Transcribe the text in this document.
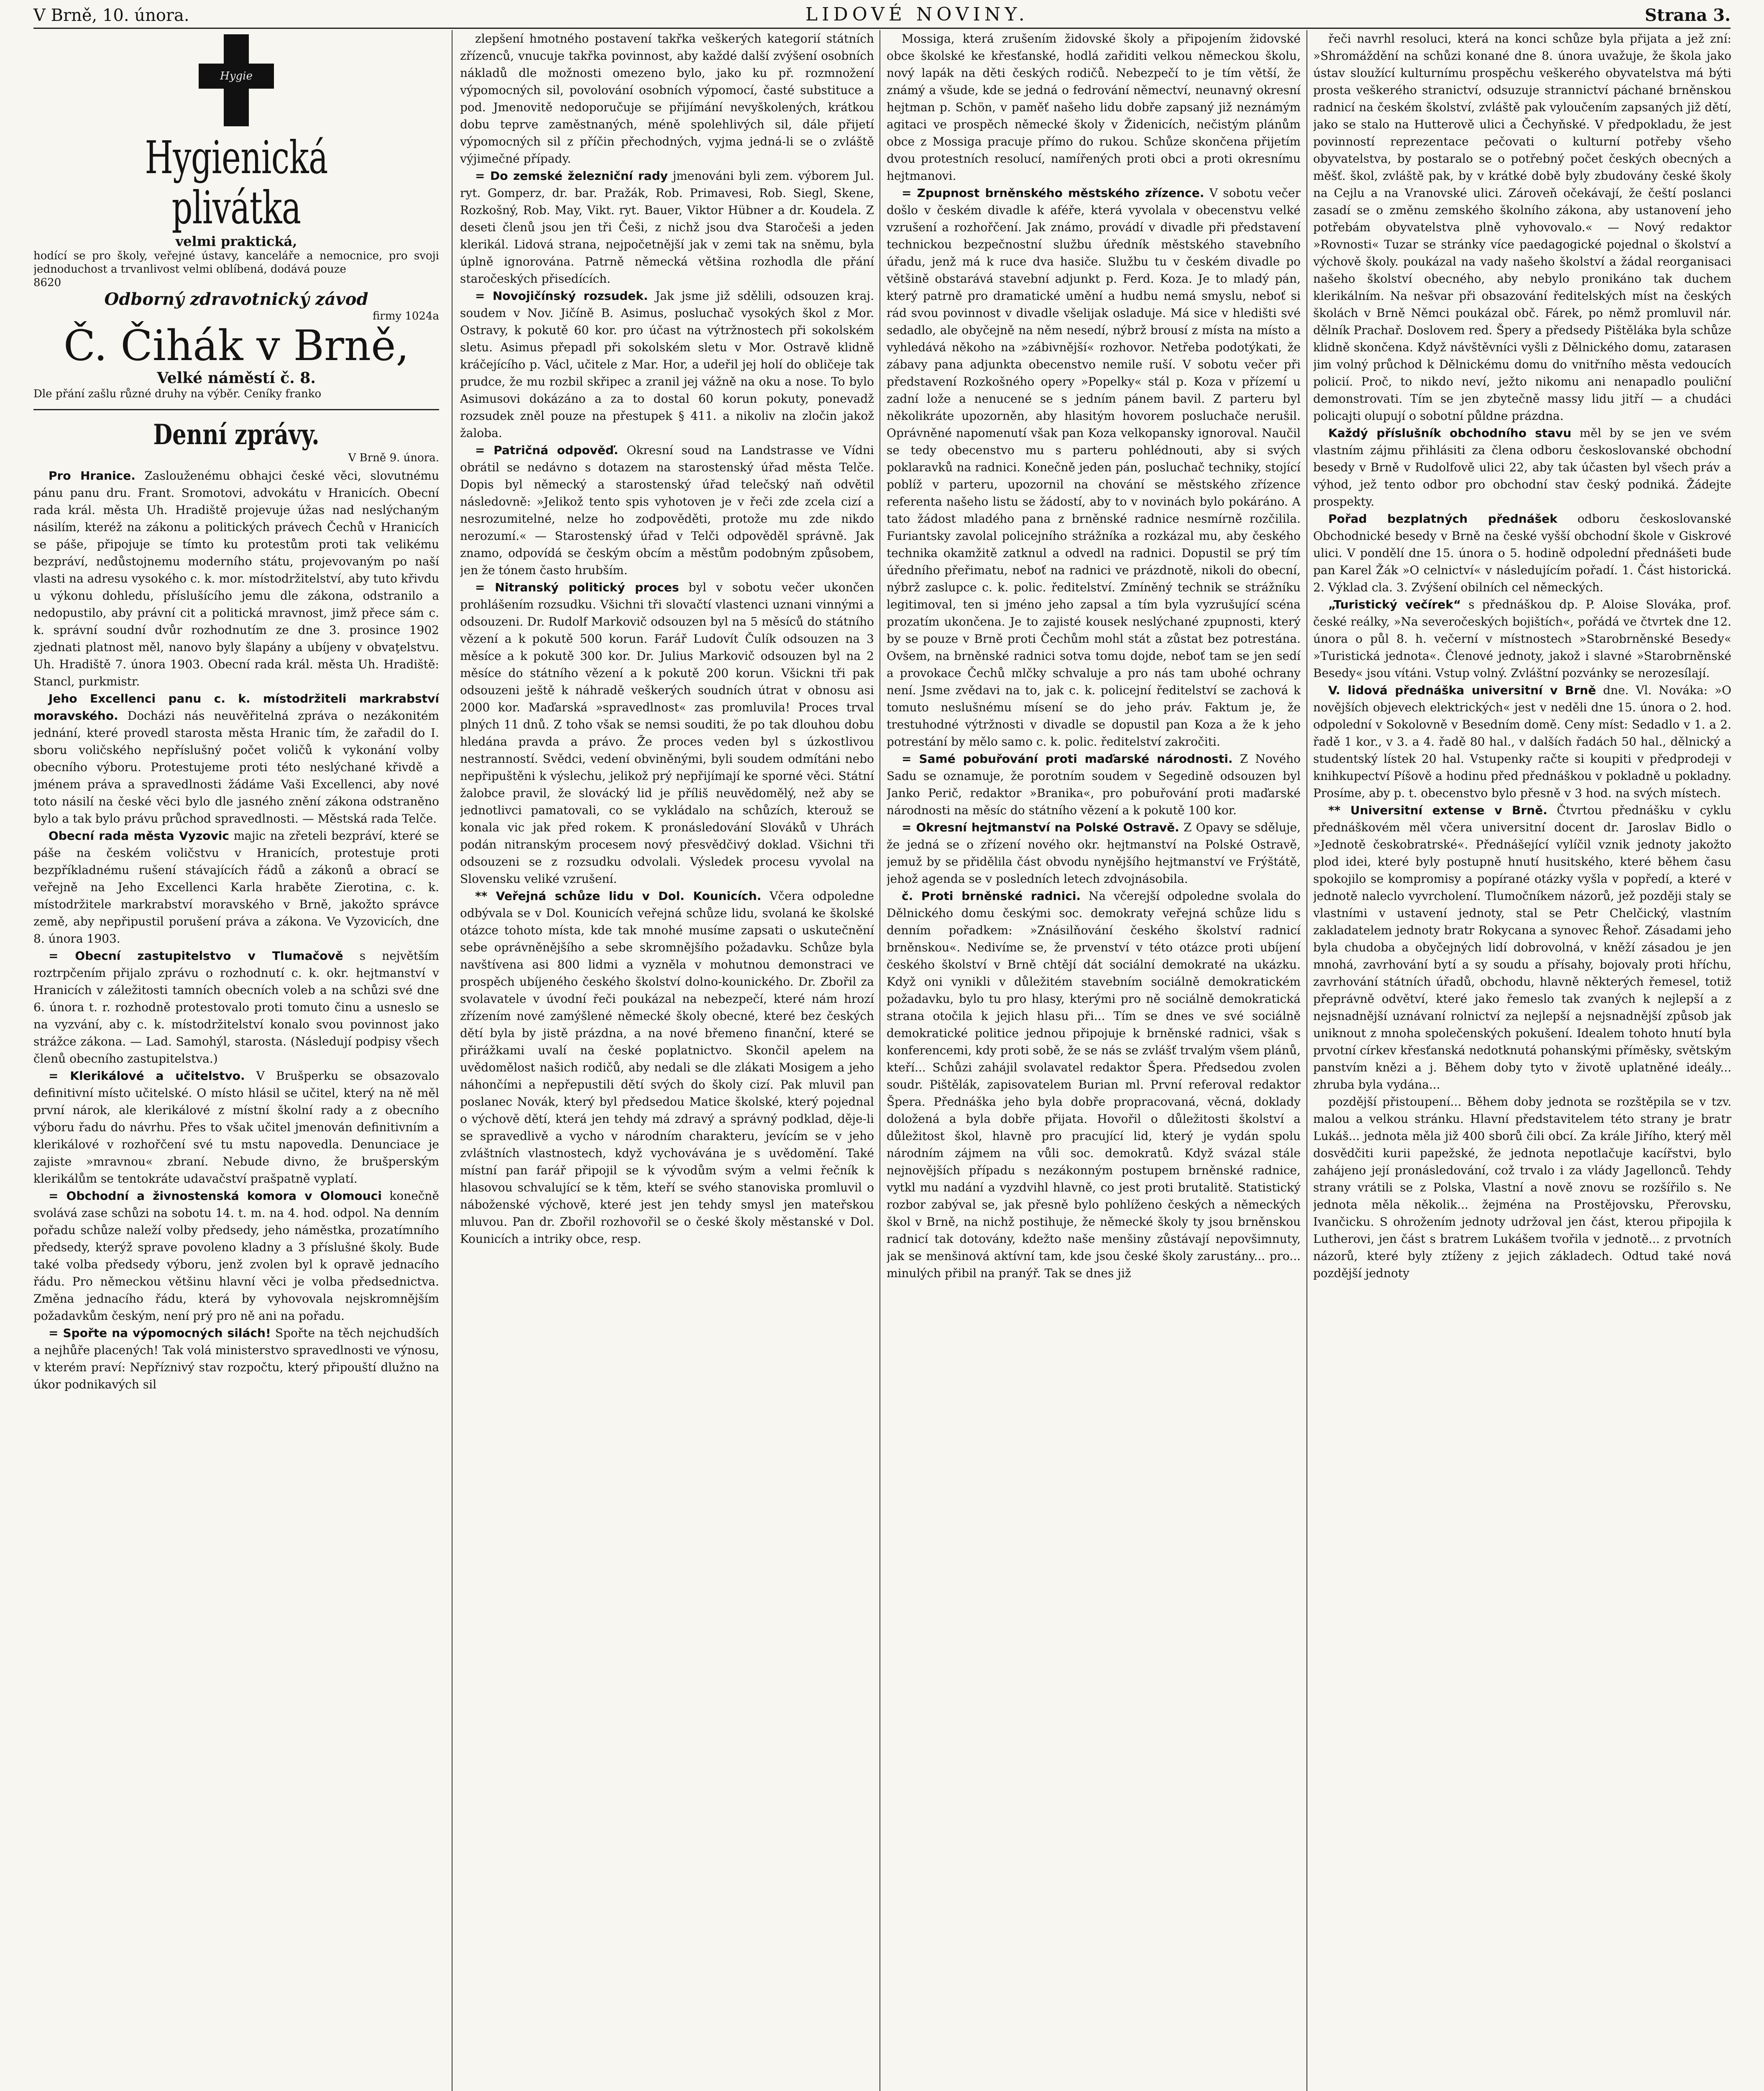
V Brně, 10. února.	LIDOVÉ NOVINY.	Strana 3.
Hygie
Hygienická plivátka
velmi praktická,
hodící se pro školy, veřejné ústavy, kanceláře a nemocnice, pro svoji jednoduchost a trvanlivost velmi oblíbená, dodává pouze
8620
Odborný zdravotnický závod
firmy 1024a
Č. Čihák v Brně,
Velké náměstí č. 8.
Dle přání zašlu různé druhy na výběr. Ceníky franko
Denní zprávy.
V Brně 9. února.

Pro Hranice. Zaslouženému obhajci české věci, slovutnému pánu panu dru. Frant. Sromotovi, advokátu v Hranicích. Obecní rada král. města Uh. Hradiště projevuje úžas nad neslýchaným násilím, kteréž na zákonu a politických právech Čechů v Hranicích se páše, připojuje se tímto ku protestům proti tak velikému bezpráví, nedůstojnemu moderního státu, projevovaným po naší vlasti na adresu vysokého c. k. mor. místodržitelství, aby tuto křivdu u výkonu dohledu, příslušícího jemu dle zákona, odstranilo a nedopustilo, aby právní cit a politická mravnost, jimž přece sám c. k. správní soudní dvůr rozhodnutím ze dne 3. prosince 1902 zjednati platnost měl, nanovo byly šlapány a ubíjeny v obvaţelstvu. Uh. Hradiště 7. února 1903. Obecní rada král. města Uh. Hradiště: Stancl, purkmistr.

Jeho Excellenci panu c. k. místodržiteli markrabství moravského. Docházi nás neuvěřitelná zpráva o nezákonitém jednání, které provedl starosta města Hranic tím, že zařadil do I. sboru voličského nepříslušný počet voličů k vykonání volby obecního výboru. Protestujeme proti této neslýchané křivdě a jménem práva a spravedlnosti žádáme Vaši Excellenci, aby nové toto násilí na české věci bylo dle jasného znění zákona odstraněno bylo a tak bylo právu průchod spravedlnosti. — Městská rada Telče.

Obecní rada města Vyzovic majic na zřeteli bezpráví, které se páše na českém voličstvu v Hranicích, protestuje proti bezpříkladnému rušení stávajících řádů a zákonů a obrací se veřejně na Jeho Excellenci Karla hraběte Zierotina, c. k. místodržitele markrabství moravského v Brně, jakožto správce země, aby nepřipustil porušení práva a zákona. Ve Vyzovicích, dne 8. února 1903.

= Obecní zastupitelstvo v Tlumačově s největším roztrpčením přijalo zprávu o rozhodnutí c. k. okr. hejtmanství v Hranicích v záležitosti tamních obecních voleb a na schůzi své dne 6. února t. r. rozhodně protestovalo proti tomuto činu a usneslo se na vyzvání, aby c. k. místodržitelství konalo svou povinnost jako strážce zákona. — Lad. Samohýl, starosta. (Následují podpisy všech členů obecního zastupitelstva.)

= Klerikálové a učitelstvo. V Brušperku se obsazovalo definitivní místo učitelské. O místo hlásil se učitel, který na ně měl první nárok, ale klerikálové z místní školní rady a z obecního výboru řadu do návrhu. Přes to však učitel jmenován definitivním a klerikálové v rozhořčení své tu mstu napovedla. Denunciace je zajiste »mravnou« zbraní. Nebude divno, že brušperským klerikálům se tentokráte udavačství prašpatně vyplatí.

= Obchodní a živnostenská komora v Olomouci konečně svolává zase schůzi na sobotu 14. t. m. na 4. hod. odpol. Na denním pořadu schůze naleží volby předsedy, jeho náměstka, prozatímního předsedy, kterýž sprave povoleno kladny a 3 příslušné školy. Bude také volba předsedy výboru, jenž zvolen byl k opravě jednacího řádu. Pro německou většinu hlavní věci je volba předsednictva. Změna jednacího řádu, která by vyhovovala nejskromnějším požadavkům českým, není prý pro ně ani na pořadu.

= Spořte na výpomocných silách! Spořte na těch nejchudších a nejhůře placených! Tak volá ministerstvo spravedlnosti ve výnosu, v kterém praví: Nepříznivý stav rozpočtu, který připouští dlužno na úkor podnikavých sil

zlepšení hmotného postavení takřka veškerých kategorií státních zřízenců, vnucuje takřka povinnost, aby každé další zvýšení osobních nákladů dle možnosti omezeno bylo, jako ku př. rozmnožení výpomocných sil, povolování osobních výpomocí, časté substituce a pod. Jmenovitě nedoporučuje se přijímání nevyškolených, krátkou dobu teprve zaměstnaných, méně spolehlivých sil, dále přijetí výpomocných sil z příčin přechodných, vyjma jedná-li se o zvláště výjimečné případy.

= Do zemské železniční rady jmenováni byli zem. výborem Jul. ryt. Gomperz, dr. bar. Pražák, Rob. Primavesi, Rob. Siegl, Skene, Rozkošný, Rob. May, Vikt. ryt. Bauer, Viktor Hübner a dr. Koudela. Z deseti členů jsou jen tři Češi, z nichž jsou dva Staročeši a jeden klerikál. Lidová strana, nejpočetnější jak v zemi tak na sněmu, byla úplně ignorována. Patrně německá většina rozhodla dle přání staročeských přisedících.

= Novojičínský rozsudek. Jak jsme již sdělili, odsouzen kraj. soudem v Nov. Jičíně B. Asimus, posluchač vysokých škol z Mor. Ostravy, k pokutě 60 kor. pro účast na výtržnostech při sokolském sletu. Asimus přepadl při sokolském sletu v Mor. Ostravě klidně kráčejícího p. Václ, učitele z Mar. Hor, a udeřil jej holí do obličeje tak prudce, že mu rozbil skřipec a zranil jej vážně na oku a nose. To bylo Asimusovi dokázáno a za to dostal 60 korun pokuty, ponevadž rozsudek zněl pouze na přestupek § 411. a nikoliv na zločin jakož žaloba.

= Patričná odpověď. Okresní soud na Landstrasse ve Vídni obrátil se nedávno s dotazem na starostenský úřad města Telče. Dopis byl německý a starostenský úřad telečský naň odvětil následovně: »Jelikož tento spis vyhotoven je v řeči zde zcela cizí a nesrozumitelné, nelze ho zodpověděti, protože mu zde nikdo nerozumí.« — Starostenský úřad v Telči odpověděl správně. Jak znamo, odpovídá se českým obcím a městům podobným způsobem, jen že tónem často hrubším.

= Nitranský politický proces byl v sobotu večer ukončen prohlášením rozsudku. Všichni tři slovačtí vlastenci uznani vinnými a odsouzeni. Dr. Rudolf Markovič odsouzen byl na 5 měsíců do státního vězení a k pokutě 500 korun. Farář Ludovít Čulík odsouzen na 3 měsíce a k pokutě 300 kor. Dr. Julius Markovič odsouzen byl na 2 měsíce do státního vězení a k pokutě 200 korun. Všickni tři pak odsouzeni ještě k náhradě veškerých soudních útrat v obnosu asi 2000 kor. Maďarská »spravedlnost« zas promluvila! Proces trval plných 11 dnů. Z toho však se nemsi souditi, že po tak dlouhou dobu hledána pravda a právo. Že proces veden byl s úzkostlivou nestranností. Svědci, vedení obviněnými, byli soudem odmítáni nebo nepřipuštěni k výslechu, jelikož prý nepřijímají ke sporné věci. Státní žalobce pravil, že slovácký lid je příliš neuvědomělý, než aby se jednotlivci pamatovali, co se vykládalo na schůzích, kterouž se konala vic jak před rokem. K pronásledování Slováků v Uhrách podán nitranským procesem nový přesvědčivý doklad. Všichni tři odsouzeni se z rozsudku odvolali. Výsledek procesu vyvolal na Slovensku veliké vzrušení.

** Veřejná schůze lidu v Dol. Kounicích. Včera odpoledne odbývala se v Dol. Kounicích veřejná schůze lidu, svolaná ke školské otázce tohoto místa, kde tak mnohé musíme zapsati o uskutečnění sebe oprávněnějšího a sebe skromnějšího požadavku. Schůze byla navštívena asi 800 lidmi a vyzněla v mohutnou demonstraci ve prospěch ubíjeného českého školství dolno-kounického. Dr. Zbořil za svolavatele v úvodní řeči poukázal na nebezpečí, které nám hrozí zřízením nové zamýšlené německé školy obecné, které bez českých dětí byla by jistě prázdna, a na nové břemeno finanční, které se přirážkami uvalí na české poplatnictvo. Skončil apelem na uvědomělost našich rodičů, aby nedali se dle zlákati Mosigem a jeho náhončími a nepřepustili dětí svých do školy cizí. Pak mluvil pan poslanec Novák, který byl předsedou Matice školské, který pojednal o výchově dětí, která jen tehdy má zdravý a správný podklad, děje-li se spravedlivě a vycho v národním charakteru, jevícím se v jeho zvláštních vlastnostech, když vychovávána je s uvědomění. Také místní pan farář připojil se k vývodům svým a velmi řečník k hlasovou schvalující se k těm, kteří se svého stanoviska promluvil o náboženské výchově, které jest jen tehdy smysl jen mateřskou mluvou. Pan dr. Zbořil rozhovořil se o české školy městanské v Dol. Kounicích a intriky obce, resp.

Mossiga, která zrušením židovské školy a připojením židovské obce školské ke křesťanské, hodlá zařiditi velkou německou školu, nový lapák na děti českých rodičů. Nebezpečí to je tím větší, že známý a všude, kde se jedná o fedrování němectví, neunavný okresní hejtman p. Schön, v paměť našeho lidu dobře zapsaný již neznámým agitaci ve prospěch německé školy v Židenicích, nečistým plánům obce z Mossiga pracuje přímo do rukou. Schůze skončena přijetím dvou protestních resolucí, namířených proti obci a proti okresnímu hejtmanovi.

= Zpupnost brněnského městského zřízence. V sobotu večer došlo v českém divadle k aféře, která vyvolala v obecenstvu velké vzrušení a rozhořčení. Jak známo, provádí v divadle při představení technickou bezpečnostní službu úředník městského stavebního úřadu, jenž má k ruce dva hasiče. Službu tu v českém divadle po většině obstarává stavební adjunkt p. Ferd. Koza. Je to mladý pán, který patrně pro dramatické umění a hudbu nemá smyslu, neboť si rád svou povinnost v divadle všelijak osladuje. Má sice v hledišti své sedadlo, ale obyčejně na něm nesedí, nýbrž brousí z místa na místo a vyhledává někoho na »zábivnější« rozhovor. Netřeba podotýkati, že zábavy pana adjunkta obecenstvo nemile ruší. V sobotu večer při představení Rozkošného opery »Popelky« stál p. Koza v přízemí u zadní lože a nenucené se s jedním pánem bavil. Z parteru byl několikráte upozorněn, aby hlasitým hovorem posluchače nerušil. Oprávněné napomenutí však pan Koza velkopansky ignoroval. Naučil se tedy obecenstvo mu s parteru pohlédnouti, aby si svých poklaravků na radnici. Konečně jeden pán, posluchač techniky, stojící poblíž v parteru, upozornil na chování se městského zřízence referenta našeho listu se žádostí, aby to v novinách bylo pokáráno. A tato žádost mladého pana z brněnské radnice nesmírně rozčilila. Furiantsky zavolal policejního strážníka a rozkázal mu, aby českého technika okamžitě zatknul a odvedl na radnici. Dopustil se prý tím úředního přeřimatu, neboť na radnici ve prázdnotě, nikoli do obecní, nýbrž zaslupce c. k. polic. ředitelství. Zmíněný technik se strážníku legitimoval, ten si jméno jeho zapsal a tím byla vyzrušující scéna prozatím ukončena. Je to zajisté kousek neslýchané zpupnosti, který by se pouze v Brně proti Čechům mohl stát a zůstat bez potrestána. Ovšem, na brněnské radnici sotva tomu dojde, neboť tam se jen sedí a provokace Čechů mlčky schvaluje a pro nás tam ubohé ochrany není. Jsme zvědavi na to, jak c. k. policejní ředitelství se zachová k tomuto neslušnému mísení se do jeho práv. Faktum je, že trestuhodné výtržnosti v divadle se dopustil pan Koza a že k jeho potrestání by mělo samo c. k. polic. ředitelství zakročiti.

= Samé pobuřování proti maďarské národnosti. Z Nového Sadu se oznamuje, že porotním soudem v Segedině odsouzen byl Janko Perič, redaktor »Branika«, pro pobuřování proti maďarské národnosti na měsíc do státního vězení a k pokutě 100 kor.

= Okresní hejtmanství na Polské Ostravě. Z Opavy se sděluje, že jedná se o zřízení nového okr. hejtmanství na Polské Ostravě, jemuž by se přidělila část obvodu nynějšího hejtmanství ve Frýštátě, jehož agenda se v posledních letech zdvojnásobila.

č. Proti brněnské radnici. Na včerejší odpoledne svolala do Dělnického domu českými soc. demokraty veřejná schůze lidu s denním pořadkem: »Znásilňování českého školství radnicí brněnskou«. Nedivíme se, že prvenství v této otázce proti ubíjení českého školství v Brně chtějí dát sociální demokraté na ukázku. Když oni vynikli v důležitém stavebním sociálně demokratickém požadavku, bylo tu pro hlasy, kterými pro ně sociálně demokratická strana otočila k jejich hlasu při... Tím se dnes ve své sociálně demokratické politice jednou připojuje k brněnské radnici, však s konferencemi, kdy proti sobě, že se nás se zvlášť trvalým všem plánů, kteří... Schůzi zahájil svolavatel redaktor Špera. Předsedou zvolen soudr. Pištělák, zapisovatelem Burian ml. První referoval redaktor Špera. Přednáška jeho byla dobře propracovaná, věcná, doklady doložená a byla dobře přijata. Hovořil o důležitosti školství a důležitost škol, hlavně pro pracující lid, který je vydán spolu národním zájmem na vůli soc. demokratů. Když svázal stále nejnovějších případu s nezákonným postupem brněnské radnice, vytkl mu nadání a vyzdvihl hlavně, co jest proti brutalitě. Statistický rozbor zabýval se, jak přesně bylo pohlíženo českých a německých škol v Brně, na nichž postihuje, že německé školy ty jsou brněnskou radnicí tak dotovány, kdežto naše menšiny zůstávají nepovšimnuty, jak se menšinová aktívní tam, kde jsou české školy zarustány... pro... minulých přibil na pranýř. Tak se dnes již

řeči navrhl resoluci, která na konci schůze byla přijata a jež zní: »Shromáždění na schůzi konané dne 8. února uvažuje, že škola jako ústav sloužící kulturnímu prospěchu veškerého obyvatelstva má býti prosta veškerého stranictví, odsuzuje strannictví páchané brněnskou radnicí na českém školství, zvláště pak vyloučením zapsaných již dětí, jako se stalo na Hutterově ulici a Čechyňské. V předpokladu, že jest povinností reprezentace pečovati o kulturní potřeby všeho obyvatelstva, by postaralo se o potřebný počet českých obecných a měšť. škol, zvláště pak, by v krátké době byly zbudovány české školy na Cejlu a na Vranovské ulici. Zároveň očekávají, že čeští poslanci zasadí se o změnu zemského školního zákona, aby ustanovení jeho potřebám obyvatelstva plně vyhovovalo.« — Nový redaktor »Rovnosti« Tuzar se stránky více paedagogické pojednal o školství a výchově školy. poukázal na vady našeho školství a žádal reorganisaci našeho školství obecného, aby nebylo pronikáno tak duchem klerikálním. Na nešvar při obsazování ředitelských míst na českých školách v Brně Němci poukázal obč. Fárek, po němž promluvil nár. dělník Prachař. Doslovem red. Špery a předsedy Pištěláka byla schůze klidně skončena. Když návštěvníci vyšli z Dělnického domu, zatarasen jim volný průchod k Dělnickému domu do vnitřního města vedoucích policií. Proč, to nikdo neví, ježto nikomu ani nenapadlo pouliční demonstrovati. Tím se jen zbytečně massy lidu jitří — a chudáci policajti olupují o sobotní půldne prázdna.

Každý příslušník obchodního stavu měl by se jen ve svém vlastním zájmu přihlásiti za člena odboru českoslovanské obchodní besedy v Brně v Rudolfově ulici 22, aby tak účasten byl všech práv a výhod, jež tento odbor pro obchodní stav český podniká. Žádejte prospekty.

Pořad bezplatných přednášek odboru českoslovanské Obchodnické besedy v Brně na české vyšší obchodní škole v Giskrové ulici. V pondělí dne 15. února o 5. hodině odpolední přednášeti bude pan Karel Žák »O celnictví« v následujícím pořadí. 1. Část historická. 2. Výklad cla. 3. Zvýšení obilních cel německých.

„Turistický večírek“ s přednáškou dp. P. Aloise Slováka, prof. české reálky, »Na severočeských bojištích«, pořádá ve čtvrtek dne 12. února o půl 8. h. večerní v místnostech »Starobrněnské Besedy« »Turistická jednota«. Členové jednoty, jakož i slavné »Starobrněnské Besedy« jsou vítáni. Vstup volný. Zvláštní pozvánky se nerozesílají.

V. lidová přednáška universitní v Brně dne. Vl. Nováka: »O novějších objevech elektrických« jest v neděli dne 15. února o 2. hod. odpolední v Sokolovně v Besedním domě. Ceny míst: Sedadlo v 1. a 2. řadě 1 kor., v 3. a 4. řadě 80 hal., v dalších řadách 50 hal., dělnický a studentský lístek 20 hal. Vstupenky račte si koupiti v předprodeji v knihkupectví Píšově a hodinu před přednáškou v pokladně u pokladny. Prosíme, aby p. t. obecenstvo bylo přesně v 3 hod. na svých místech.

** Universitní extense v Brně. Čtvrtou přednášku v cyklu přednáškovém měl včera universitní docent dr. Jaroslav Bidlo o »Jednotě českobratrské«. Přednášející vylíčil vznik jednoty jakožto plod idei, které byly postupně hnutí husitského, které během času spokojilo se kompromisy a popírané otázky vyšla v popředí, a které v jednotě naleclo vyvrcholení. Tlumočníkem názorů, jež později staly se vlastními v ustavení jednoty, stal se Petr Chelčický, vlastním zakladatelem jednoty bratr Rokycana a synovec Řehoř. Zásadami jeho byla chudoba a obyčejných lidí dobrovolná, v kněží zásadou je jen mnohá, zavrhování bytí a sy soudu a přísahy, bojovaly proti hříchu, zavrhování státních úřadů, obchodu, hlavně některých řemesel, totiž přeprávně odvětví, které jako řemeslo tak zvaných k nejlepší a z nejsnadnější uznávaní rolnictví za nejlepší a nejsnadnější způsob jak uniknout z mnoha společenských pokušení. Idealem tohoto hnutí byla prvotní církev křesťanská nedotknutá pohanskými příměsky, světským panstvím knězi a j. Během doby tyto v životě uplatněné ideály... zhruba byla vydána...

pozdější přistoupení... Během doby jednota se rozštěpila se v tzv. malou a velkou stránku. Hlavní představitelem této strany je bratr Lukáš... jednota měla již 400 sborů čili obcí. Za krále Jiřího, který měl dosvědčiti kurii papežské, že jednota nepotlačuje kacířstvi, bylo zahájeno její pronásledování, což trvalo i za vlády Jagellonců. Tehdy strany vrátili se z Polska, Vlastní a nově znovu se rozšířilo s. Ne jednota měla několik... žejména na Prostějovsku, Přerovsku, Ivančicku. S ohrožením jednoty udržoval jen část, kterou připojila k Lutherovi, jen část s bratrem Lukášem tvořila v jednotě... z prvotních názorů, které byly ztíženy z jejich základech. Odtud také nová pozdější jednoty
